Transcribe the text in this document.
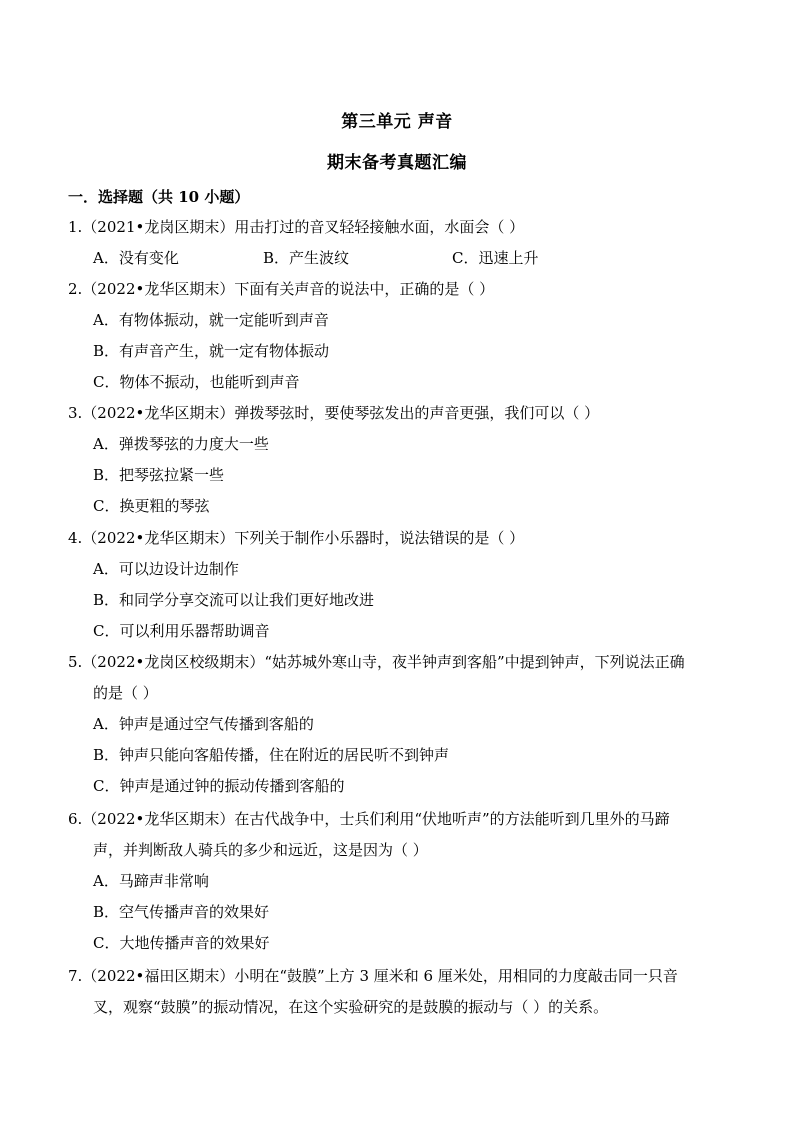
第三单元 声音
期末备考真题汇编
一．选择题（共 10 小题）
1.（2021•龙岗区期末）用击打过的音叉轻轻接触水面，水面会（ ）
A．没有变化	B．产生波纹	C．迅速上升
2.（2022•龙华区期末）下面有关声音的说法中，正确的是（ ）
A．有物体振动，就一定能听到声音
B．有声音产生，就一定有物体振动
C．物体不振动，也能听到声音
3.（2022•龙华区期末）弹拨琴弦时，要使琴弦发出的声音更强，我们可以（ ）
A．弹拨琴弦的力度大一些
B．把琴弦拉紧一些
C．换更粗的琴弦
4.（2022•龙华区期末）下列关于制作小乐器时，说法错误的是（ ）
A．可以边设计边制作
B．和同学分享交流可以让我们更好地改进
C．可以利用乐器帮助调音
5.（2022•龙岗区校级期末）“姑苏城外寒山寺，夜半钟声到客船”中提到钟声，下列说法正确
的是（ ）
A．钟声是通过空气传播到客船的
B．钟声只能向客船传播，住在附近的居民听不到钟声
C．钟声是通过钟的振动传播到客船的
6.（2022•龙华区期末）在古代战争中，士兵们利用“伏地听声”的方法能听到几里外的马蹄
声，并判断敌人骑兵的多少和远近，这是因为（ ）
A．马蹄声非常响
B．空气传播声音的效果好
C．大地传播声音的效果好
7.（2022•福田区期末）小明在“鼓膜”上方 3 厘米和 6 厘米处，用相同的力度敲击同一只音
叉，观察“鼓膜”的振动情况，在这个实验研究的是鼓膜的振动与（ ）的关系。
